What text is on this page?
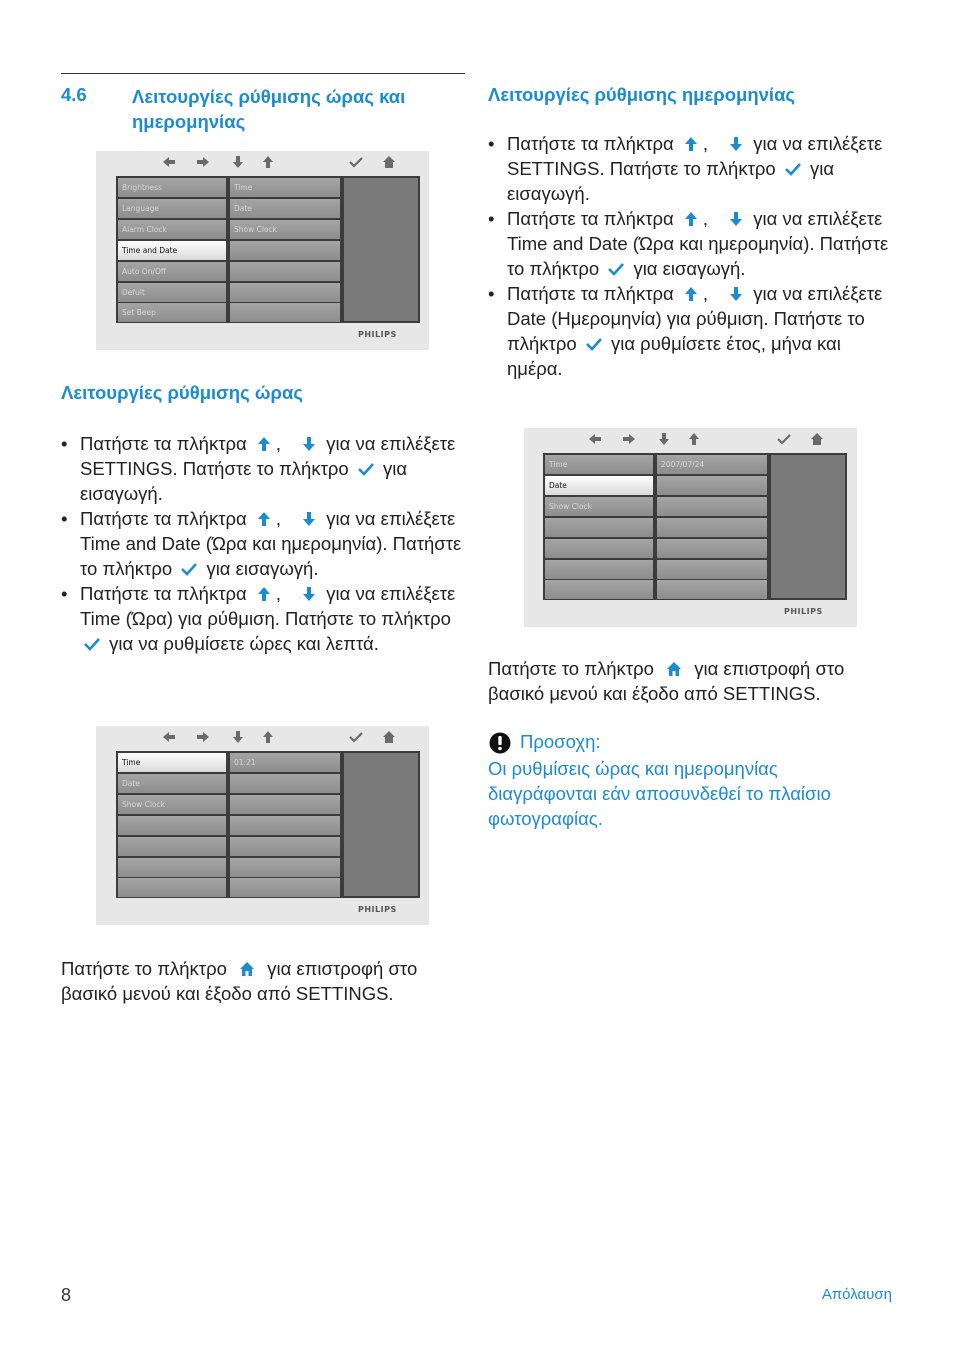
4.6 Λειτουργίες ρύθμισης ώρας και ημερομηνίας
Brightness
Language
Alarm Clock
Time and Date
Auto On/Off
Defult
Set Beep
Time
Date
Show Clock
PHILIPS
Λειτουργίες ρύθμισης ώρας
• Πατήστε τα πλήκτρα , για να επιλέξετε SETTINGS. Πατήστε το πλήκτρο για εισαγωγή.
• Πατήστε τα πλήκτρα , για να επιλέξετε Time and Date (Ώρα και ημερομηνία). Πατήστε το πλήκτρο για εισαγωγή.
• Πατήστε τα πλήκτρα , για να επιλέξετε Time (Ώρα) για ρύθμιση. Πατήστε το πλήκτρο  για να ρυθμίσετε ώρες και λεπτά.
Time
Date
Show Clock
01:21
PHILIPS
Πατήστε το πλήκτρο για επιστροφή στο βασικό μενού και έξοδο από SETTINGS.
Λειτουργίες ρύθμισης ημερομηνίας
• Πατήστε τα πλήκτρα , για να επιλέξετε SETTINGS. Πατήστε το πλήκτρο για εισαγωγή.
• Πατήστε τα πλήκτρα , για να επιλέξετε Time and Date (Ώρα και ημερομηνία). Πατήστε το πλήκτρο για εισαγωγή.
• Πατήστε τα πλήκτρα , για να επιλέξετε Date (Ημερομηνία) για ρύθμιση. Πατήστε το πλήκτρο για ρυθμίσετε έτος, μήνα και ημέρα.
Time
Date
Show Clock
2007/07/24
PHILIPS
Πατήστε το πλήκτρο για επιστροφή στο βασικό μενού και έξοδο από SETTINGS.
Προσοχη:
Οι ρυθμίσεις ώρας και ημερομηνίας διαγράφονται εάν αποσυνδεθεί το πλαίσιο φωτογραφίας.
8	Απόλαυση
